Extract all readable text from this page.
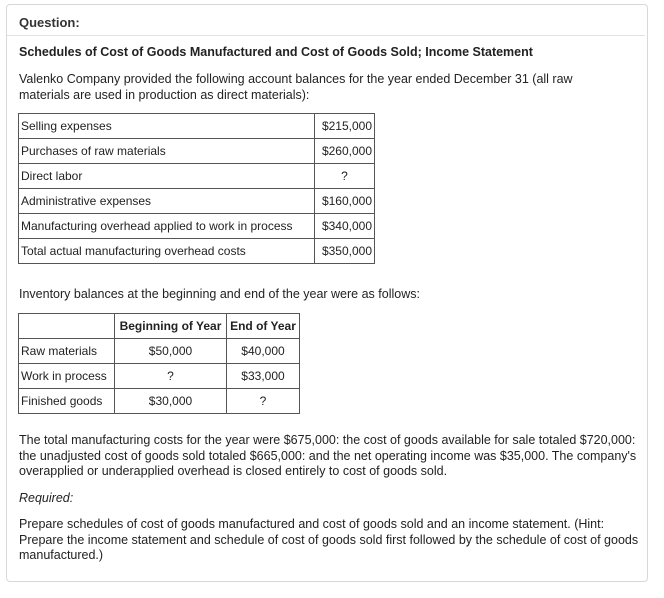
Question:
Schedules of Cost of Goods Manufactured and Cost of Goods Sold; Income Statement
Valenko Company provided the following account balances for the year ended December 31 (all raw materials are used in production as direct materials):
Selling expenses	$215,000
Purchases of raw materials	$260,000
Direct labor	?
Administrative expenses	$160,000
Manufacturing overhead applied to work in process	$340,000
Total actual manufacturing overhead costs	$350,000
Inventory balances at the beginning and end of the year were as follows:
	Beginning of Year	End of Year
Raw materials	$50,000	$40,000
Work in process	?	$33,000
Finished goods	$30,000	?
The total manufacturing costs for the year were $675,000: the cost of goods available for sale totaled $720,000: the unadjusted cost of goods sold totaled $665,000: and the net operating income was $35,000. The company's overapplied or underapplied overhead is closed entirely to cost of goods sold.
Required:
Prepare schedules of cost of goods manufactured and cost of goods sold and an income statement. (Hint: Prepare the income statement and schedule of cost of goods sold first followed by the schedule of cost of goods manufactured.)
